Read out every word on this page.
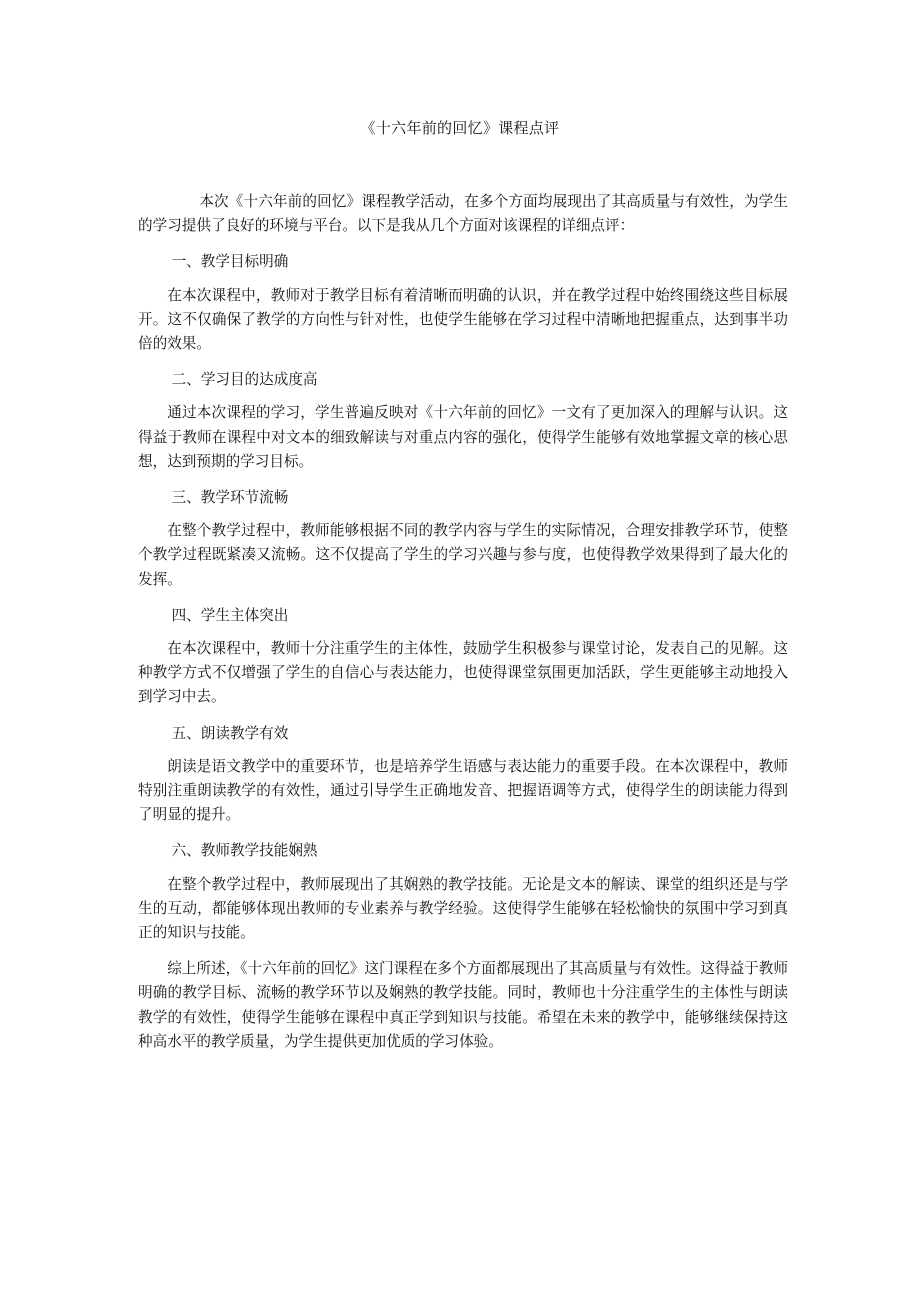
《十六年前的回忆》课程点评

本次《十六年前的回忆》课程教学活动，在多个方面均展现出了其高质量与有效性，为学生的学习提供了良好的环境与平台。以下是我从几个方面对该课程的详细点评：

一、教学目标明确

在本次课程中，教师对于教学目标有着清晰而明确的认识，并在教学过程中始终围绕这些目标展开。这不仅确保了教学的方向性与针对性，也使学生能够在学习过程中清晰地把握重点，达到事半功倍的效果。

二、学习目的达成度高

通过本次课程的学习，学生普遍反映对《十六年前的回忆》一文有了更加深入的理解与认识。这得益于教师在课程中对文本的细致解读与对重点内容的强化，使得学生能够有效地掌握文章的核心思想，达到预期的学习目标。

三、教学环节流畅

在整个教学过程中，教师能够根据不同的教学内容与学生的实际情况，合理安排教学环节，使整个教学过程既紧凑又流畅。这不仅提高了学生的学习兴趣与参与度，也使得教学效果得到了最大化的发挥。

四、学生主体突出

在本次课程中，教师十分注重学生的主体性，鼓励学生积极参与课堂讨论，发表自己的见解。这种教学方式不仅增强了学生的自信心与表达能力，也使得课堂氛围更加活跃，学生更能够主动地投入到学习中去。

五、朗读教学有效

朗读是语文教学中的重要环节，也是培养学生语感与表达能力的重要手段。在本次课程中，教师特别注重朗读教学的有效性，通过引导学生正确地发音、把握语调等方式，使得学生的朗读能力得到了明显的提升。

六、教师教学技能娴熟

在整个教学过程中，教师展现出了其娴熟的教学技能。无论是文本的解读、课堂的组织还是与学生的互动，都能够体现出教师的专业素养与教学经验。这使得学生能够在轻松愉快的氛围中学习到真正的知识与技能。

综上所述，《十六年前的回忆》这门课程在多个方面都展现出了其高质量与有效性。这得益于教师明确的教学目标、流畅的教学环节以及娴熟的教学技能。同时，教师也十分注重学生的主体性与朗读教学的有效性，使得学生能够在课程中真正学到知识与技能。希望在未来的教学中，能够继续保持这种高水平的教学质量，为学生提供更加优质的学习体验。
